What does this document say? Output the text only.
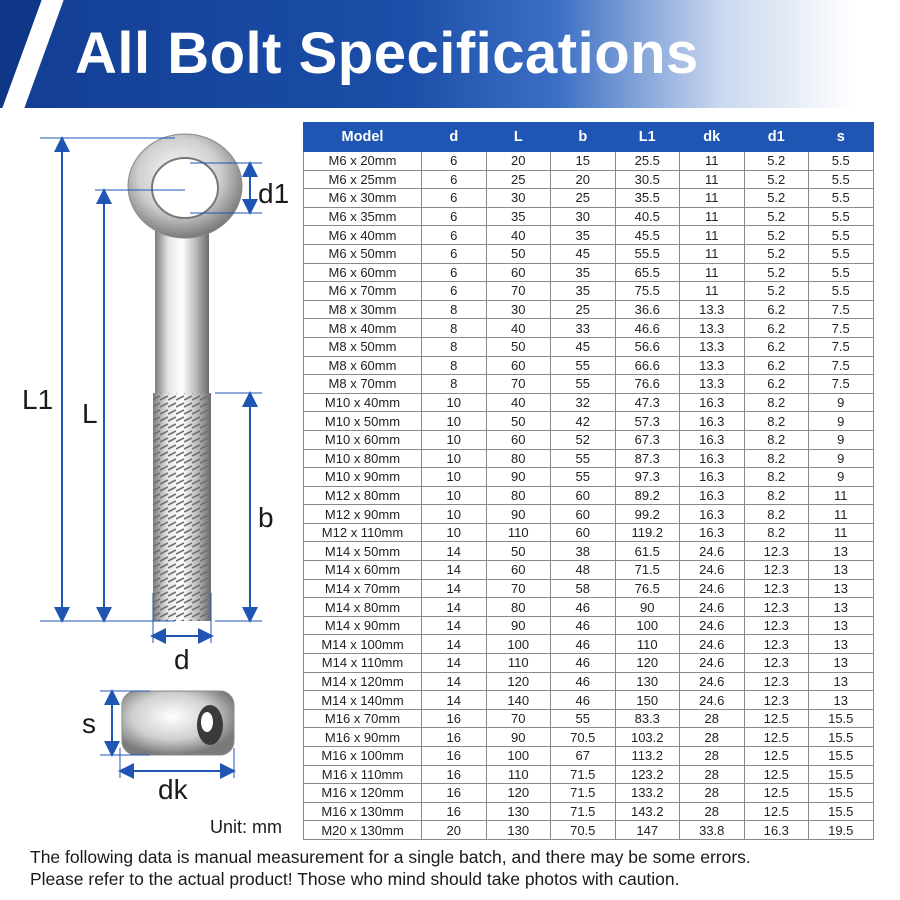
All Bolt Specifications
L1 L
b
d
d1
s
dk
Unit: mm
Model	d	L	b	L1	dk	d1	s
M6 x 20mm	6	20	15	25.5	11	5.2	5.5
M6 x 25mm	6	25	20	30.5	11	5.2	5.5
M6 x 30mm	6	30	25	35.5	11	5.2	5.5
M6 x 35mm	6	35	30	40.5	11	5.2	5.5
M6 x 40mm	6	40	35	45.5	11	5.2	5.5
M6 x 50mm	6	50	45	55.5	11	5.2	5.5
M6 x 60mm	6	60	35	65.5	11	5.2	5.5
M6 x 70mm	6	70	35	75.5	11	5.2	5.5
M8 x 30mm	8	30	25	36.6	13.3	6.2	7.5
M8 x 40mm	8	40	33	46.6	13.3	6.2	7.5
M8 x 50mm	8	50	45	56.6	13.3	6.2	7.5
M8 x 60mm	8	60	55	66.6	13.3	6.2	7.5
M8 x 70mm	8	70	55	76.6	13.3	6.2	7.5
M10 x 40mm	10	40	32	47.3	16.3	8.2	9
M10 x 50mm	10	50	42	57.3	16.3	8.2	9
M10 x 60mm	10	60	52	67.3	16.3	8.2	9
M10 x 80mm	10	80	55	87.3	16.3	8.2	9
M10 x 90mm	10	90	55	97.3	16.3	8.2	9
M12 x 80mm	10	80	60	89.2	16.3	8.2	11
M12 x 90mm	10	90	60	99.2	16.3	8.2	11
M12 x 110mm	10	110	60	119.2	16.3	8.2	11
M14 x 50mm	14	50	38	61.5	24.6	12.3	13
M14 x 60mm	14	60	48	71.5	24.6	12.3	13
M14 x 70mm	14	70	58	76.5	24.6	12.3	13
M14 x 80mm	14	80	46	90	24.6	12.3	13
M14 x 90mm	14	90	46	100	24.6	12.3	13
M14 x 100mm	14	100	46	110	24.6	12.3	13
M14 x 110mm	14	110	46	120	24.6	12.3	13
M14 x 120mm	14	120	46	130	24.6	12.3	13
M14 x 140mm	14	140	46	150	24.6	12.3	13
M16 x 70mm	16	70	55	83.3	28	12.5	15.5
M16 x 90mm	16	90	70.5	103.2	28	12.5	15.5
M16 x 100mm	16	100	67	113.2	28	12.5	15.5
M16 x 110mm	16	110	71.5	123.2	28	12.5	15.5
M16 x 120mm	16	120	71.5	133.2	28	12.5	15.5
M16 x 130mm	16	130	71.5	143.2	28	12.5	15.5
M20 x 130mm	20	130	70.5	147	33.8	16.3	19.5
The following data is manual measurement for a single batch, and there may be some errors.
Please refer to the actual product! Those who mind should take photos with caution.
